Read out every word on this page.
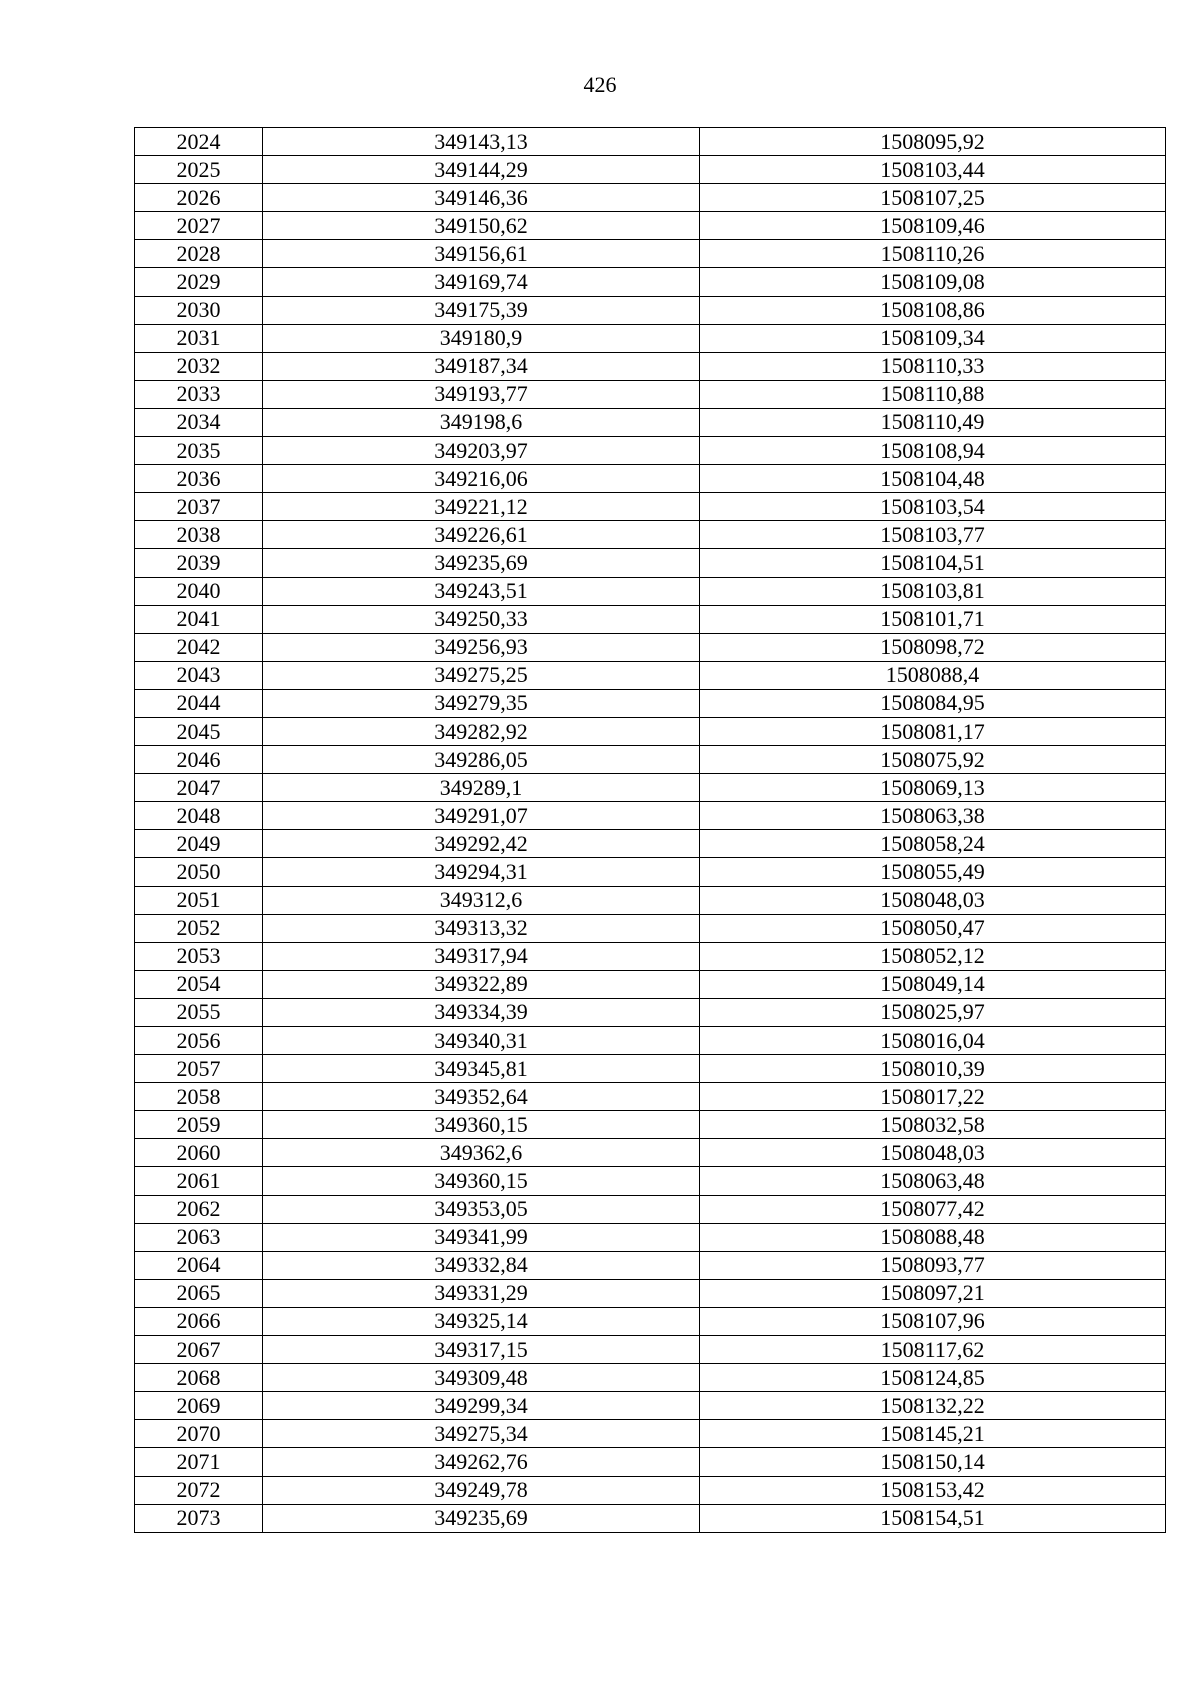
426
2024	349143,13	1508095,92
2025	349144,29	1508103,44
2026	349146,36	1508107,25
2027	349150,62	1508109,46
2028	349156,61	1508110,26
2029	349169,74	1508109,08
2030	349175,39	1508108,86
2031	349180,9	1508109,34
2032	349187,34	1508110,33
2033	349193,77	1508110,88
2034	349198,6	1508110,49
2035	349203,97	1508108,94
2036	349216,06	1508104,48
2037	349221,12	1508103,54
2038	349226,61	1508103,77
2039	349235,69	1508104,51
2040	349243,51	1508103,81
2041	349250,33	1508101,71
2042	349256,93	1508098,72
2043	349275,25	1508088,4
2044	349279,35	1508084,95
2045	349282,92	1508081,17
2046	349286,05	1508075,92
2047	349289,1	1508069,13
2048	349291,07	1508063,38
2049	349292,42	1508058,24
2050	349294,31	1508055,49
2051	349312,6	1508048,03
2052	349313,32	1508050,47
2053	349317,94	1508052,12
2054	349322,89	1508049,14
2055	349334,39	1508025,97
2056	349340,31	1508016,04
2057	349345,81	1508010,39
2058	349352,64	1508017,22
2059	349360,15	1508032,58
2060	349362,6	1508048,03
2061	349360,15	1508063,48
2062	349353,05	1508077,42
2063	349341,99	1508088,48
2064	349332,84	1508093,77
2065	349331,29	1508097,21
2066	349325,14	1508107,96
2067	349317,15	1508117,62
2068	349309,48	1508124,85
2069	349299,34	1508132,22
2070	349275,34	1508145,21
2071	349262,76	1508150,14
2072	349249,78	1508153,42
2073	349235,69	1508154,51
